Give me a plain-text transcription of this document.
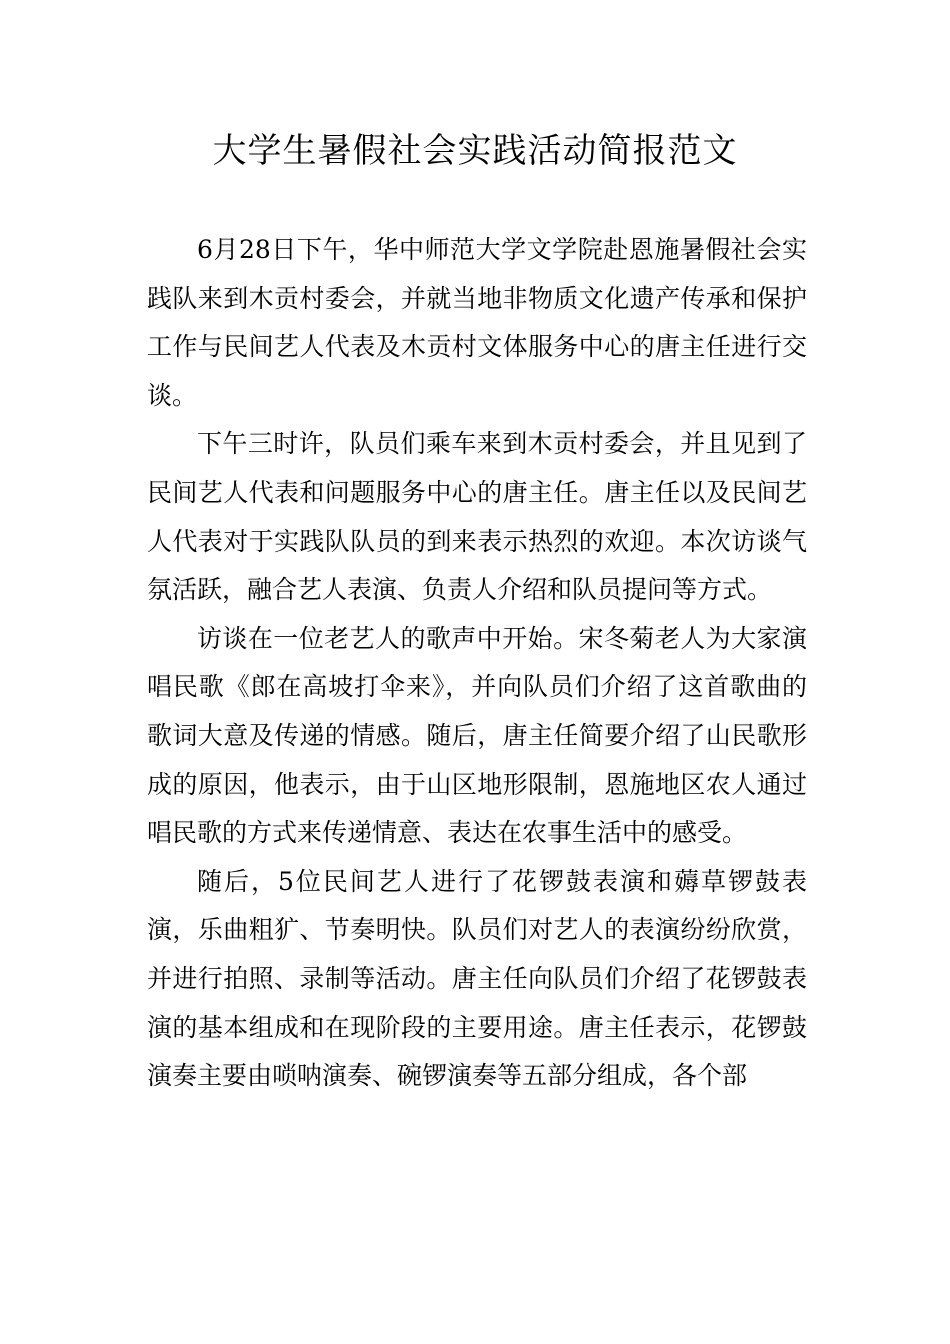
大学生暑假社会实践活动简报范文

6月28日下午，华中师范大学文学院赴恩施暑假社会实践队来到木贡村委会，并就当地非物质文化遗产传承和保护工作与民间艺人代表及木贡村文体服务中心的唐主任进行交谈。

下午三时许，队员们乘车来到木贡村委会，并且见到了民间艺人代表和问题服务中心的唐主任。唐主任以及民间艺人代表对于实践队队员的到来表示热烈的欢迎。本次访谈气氛活跃，融合艺人表演、负责人介绍和队员提问等方式。

访谈在一位老艺人的歌声中开始。宋冬菊老人为大家演唱民歌《郎在高坡打伞来》，并向队员们介绍了这首歌曲的歌词大意及传递的情感。随后，唐主任简要介绍了山民歌形成的原因，他表示，由于山区地形限制，恩施地区农人通过唱民歌的方式来传递情意、表达在农事生活中的感受。

随后，5位民间艺人进行了花锣鼓表演和薅草锣鼓表演，乐曲粗犷、节奏明快。队员们对艺人的表演纷纷欣赏，并进行拍照、录制等活动。唐主任向队员们介绍了花锣鼓表演的基本组成和在现阶段的主要用途。唐主任表示，花锣鼓演奏主要由唢呐演奏、碗锣演奏等五部分组成，各个部
